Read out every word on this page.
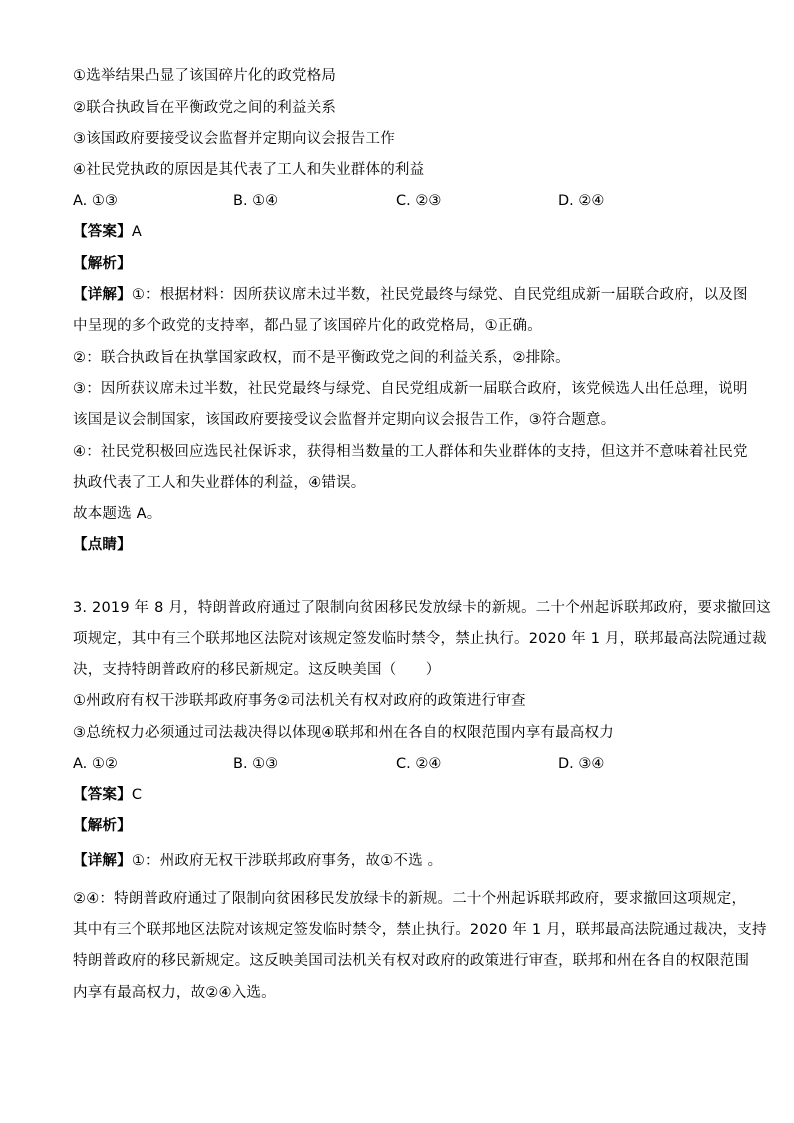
①选举结果凸显了该国碎片化的政党格局

②联合执政旨在平衡政党之间的利益关系

③该国政府要接受议会监督并定期向议会报告工作

④社民党执政的原因是其代表了工人和失业群体的利益

A. ①③	B. ①④	C. ②③	D. ②④

【答案】A

【解析】

【详解】①：根据材料：因所获议席未过半数，社民党最终与绿党、自民党组成新一届联合政府，以及图

中呈现的多个政党的支持率，都凸显了该国碎片化的政党格局，①正确。

②：联合执政旨在执掌国家政权，而不是平衡政党之间的利益关系，②排除。

③：因所获议席未过半数，社民党最终与绿党、自民党组成新一届联合政府，该党候选人出任总理，说明

该国是议会制国家，该国政府要接受议会监督并定期向议会报告工作，③符合题意。

④：社民党积极回应选民社保诉求，获得相当数量的工人群体和失业群体的支持，但这并不意味着社民党

执政代表了工人和失业群体的利益，④错误。

故本题选 A。

【点睛】

3. 2019 年 8 月，特朗普政府通过了限制向贫困移民发放绿卡的新规。二十个州起诉联邦政府，要求撤回这

项规定，其中有三个联邦地区法院对该规定签发临时禁令，禁止执行。2020 年 1 月，联邦最高法院通过裁

决，支持特朗普政府的移民新规定。这反映美国（　　）

①州政府有权干涉联邦政府事务②司法机关有权对政府的政策进行审查

③总统权力必须通过司法裁决得以体现④联邦和州在各自的权限范围内享有最高权力

A. ①②	B. ①③	C. ②④	D. ③④

【答案】C

【解析】

【详解】①：州政府无权干涉联邦政府事务，故①不选 。

②④：特朗普政府通过了限制向贫困移民发放绿卡的新规。二十个州起诉联邦政府，要求撤回这项规定，

其中有三个联邦地区法院对该规定签发临时禁令，禁止执行。2020 年 1 月，联邦最高法院通过裁决，支持

特朗普政府的移民新规定。这反映美国司法机关有权对政府的政策进行审查，联邦和州在各自的权限范围

内享有最高权力，故②④入选。
